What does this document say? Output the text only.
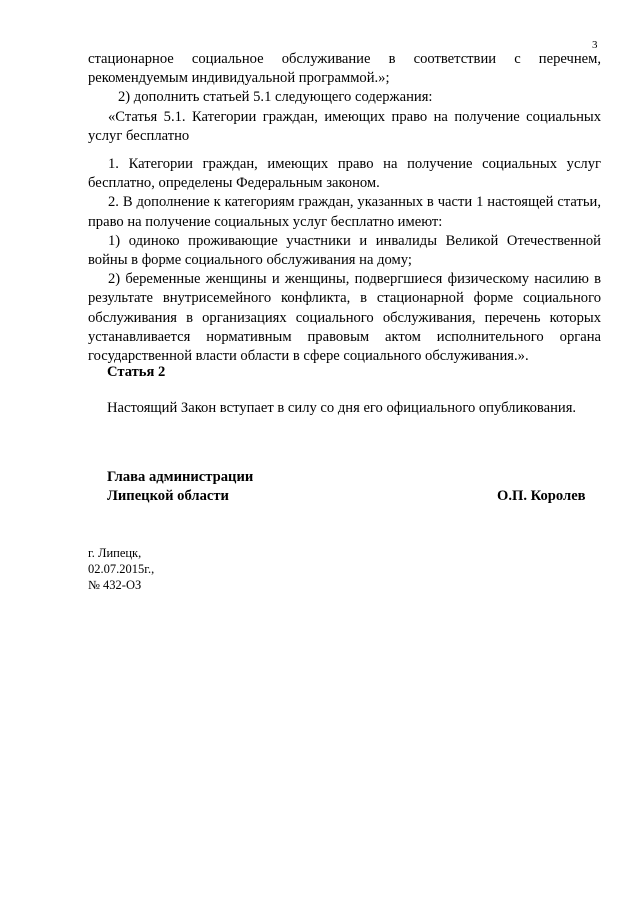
3

стационарное социальное обслуживание в соответствии с перечнем, рекомендуемым индивидуальной программой.»;

2) дополнить статьей 5.1 следующего содержания:

«Статья 5.1. Категории граждан, имеющих право на получение социальных услуг бесплатно

1. Категории граждан, имеющих право на получение социальных услуг бесплатно, определены Федеральным законом.

2. В дополнение к категориям граждан, указанных в части 1 настоящей статьи, право на получение социальных услуг бесплатно имеют:

1) одиноко проживающие участники и инвалиды Великой Отечественной войны в форме социального обслуживания на дому;

2) беременные женщины и женщины, подвергшиеся физическому насилию в результате внутрисемейного конфликта, в стационарной форме социального обслуживания в организациях социального обслуживания, перечень которых устанавливается нормативным правовым актом исполнительного органа государственной власти области в сфере социального обслуживания.».

Статья 2
Настоящий Закон вступает в силу со дня его официального опубликования.
Глава администрации
Липецкой области	О.П. Королев
г. Липецк,
02.07.2015г.,
№ 432-ОЗ
